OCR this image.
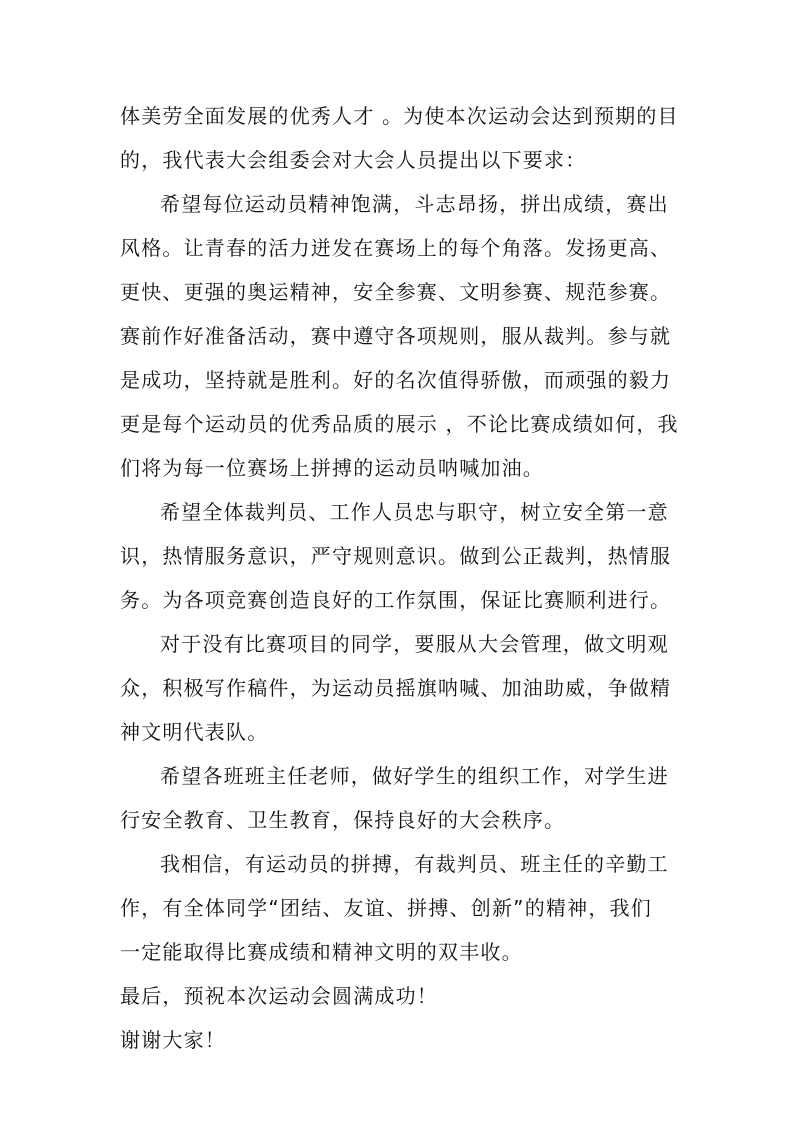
体美劳全面发展的优秀人才 。为使本次运动会达到预期的目

的，我代表大会组委会对大会人员提出以下要求：

希望每位运动员精神饱满，斗志昂扬，拼出成绩，赛出

风格。让青春的活力迸发在赛场上的每个角落。发扬更高、

更快、更强的奥运精神，安全参赛、文明参赛、规范参赛。

赛前作好准备活动，赛中遵守各项规则，服从裁判。参与就

是成功，坚持就是胜利。好的名次值得骄傲，而顽强的毅力

更是每个运动员的优秀品质的展示 ，不论比赛成绩如何，我

们将为每一位赛场上拼搏的运动员呐喊加油。

希望全体裁判员、工作人员忠与职守，树立安全第一意

识，热情服务意识，严守规则意识。做到公正裁判，热情服

务。为各项竞赛创造良好的工作氛围，保证比赛顺利进行。

对于没有比赛项目的同学，要服从大会管理，做文明观

众，积极写作稿件，为运动员摇旗呐喊、加油助威，争做精

神文明代表队。

希望各班班主任老师，做好学生的组织工作，对学生进

行安全教育、卫生教育，保持良好的大会秩序。

我相信，有运动员的拼搏，有裁判员、班主任的辛勤工

作，有全体同学“团结、友谊、拼搏、创新”的精神，我们

一定能取得比赛成绩和精神文明的双丰收。

最后，预祝本次运动会圆满成功！

谢谢大家！
